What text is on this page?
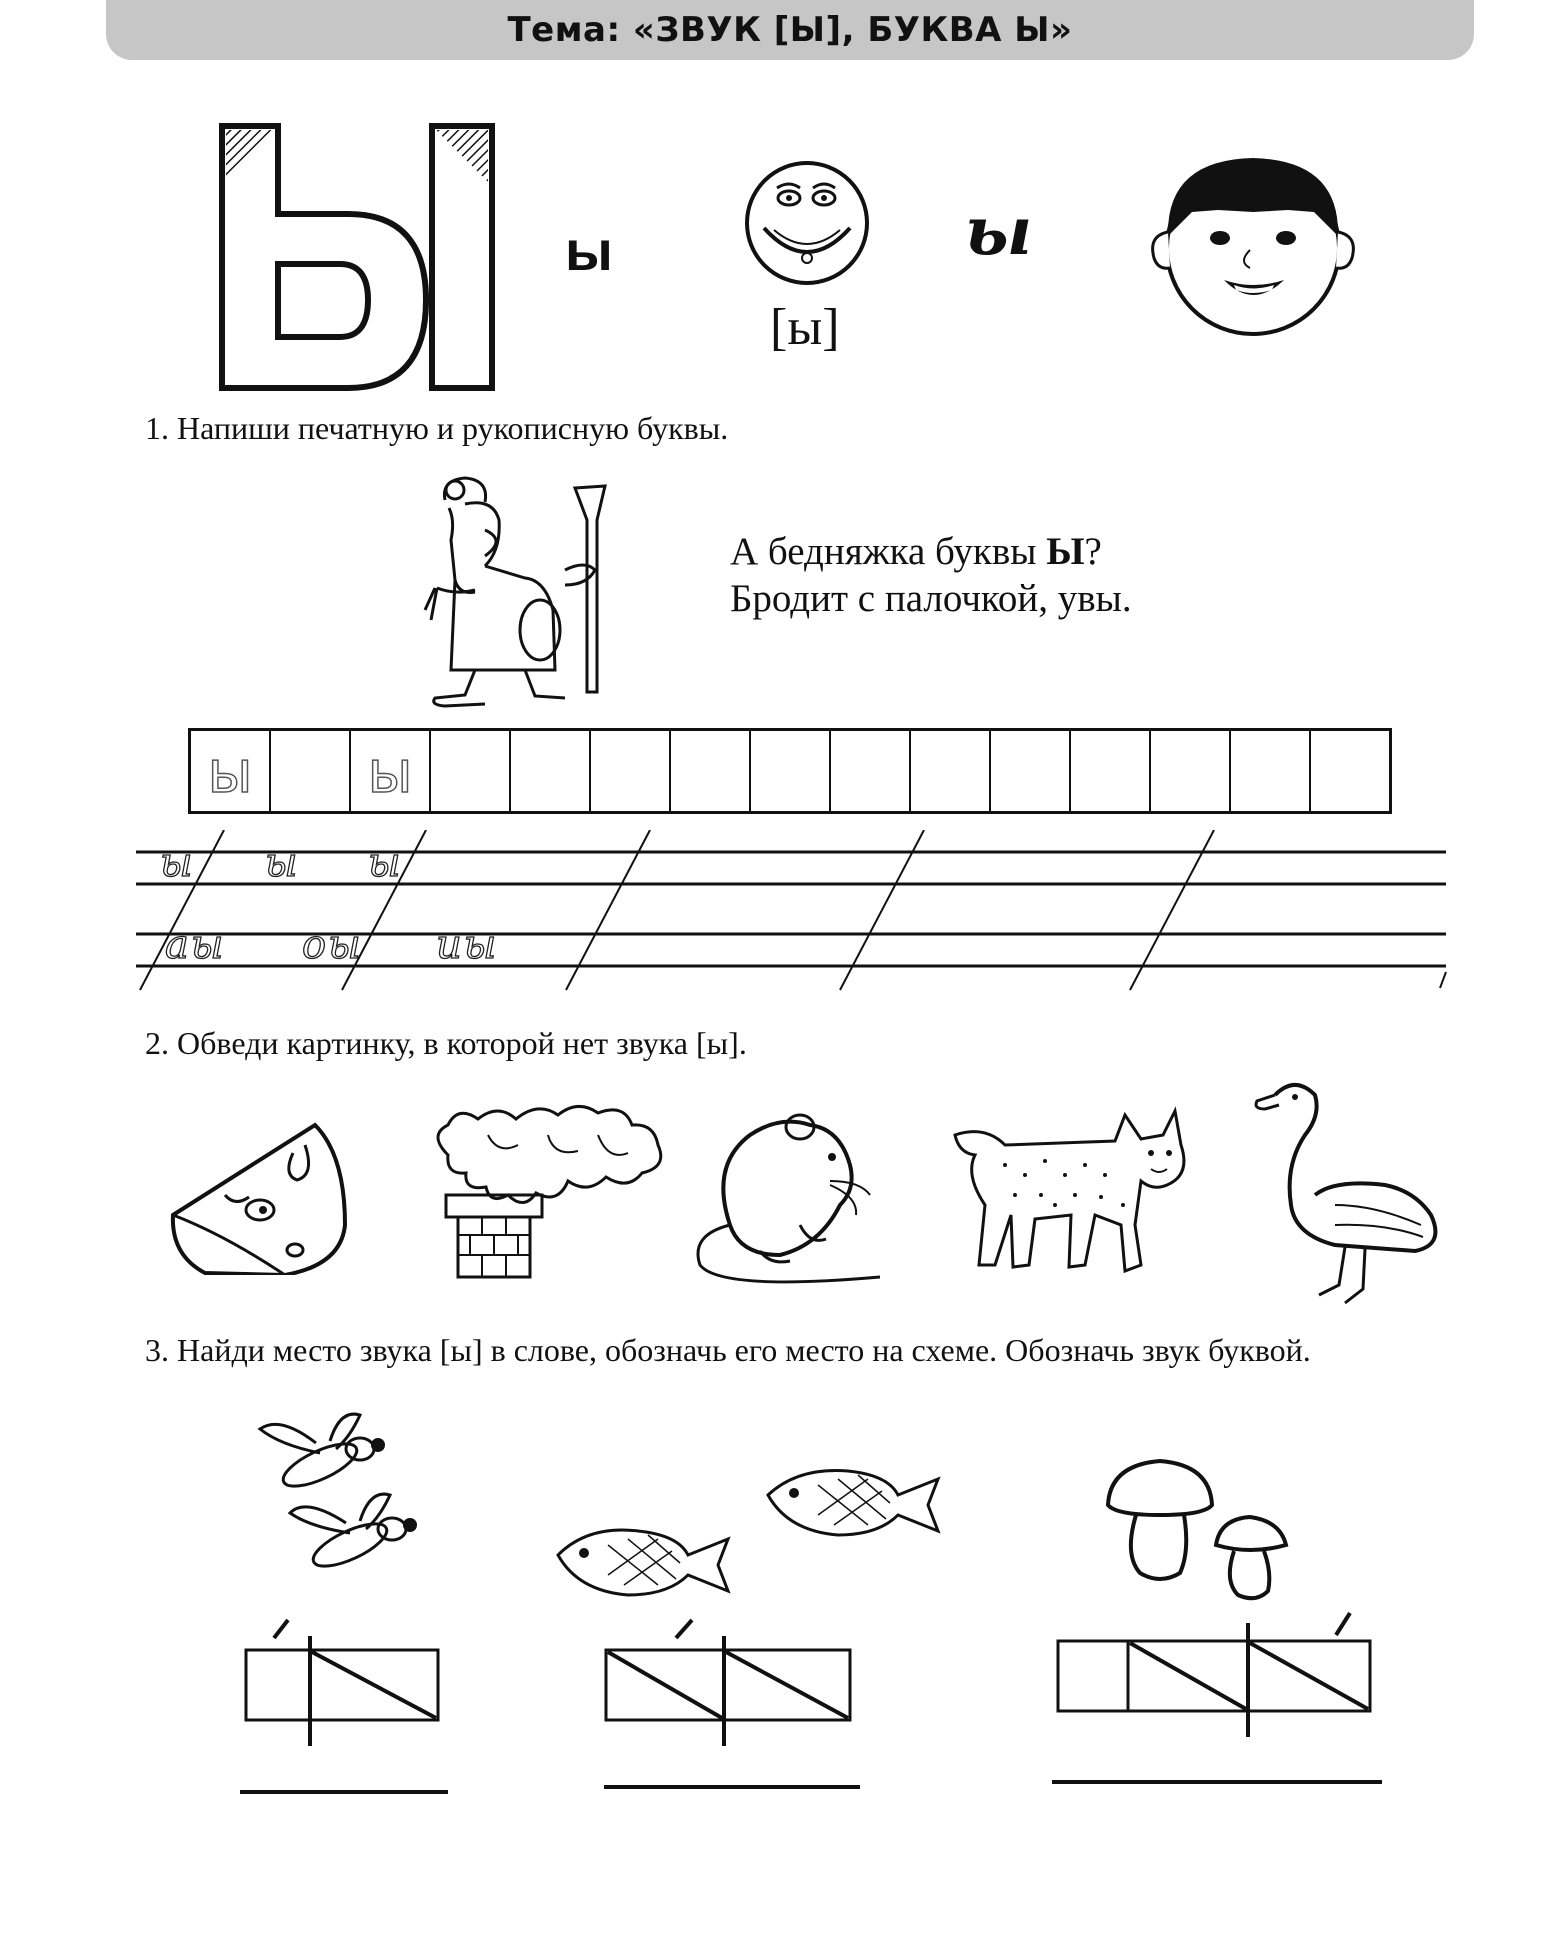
Тема: «ЗВУК [Ы], БУКВА Ы»
ы
[ы]
ы
1. Напиши печатную и рукописную буквы.
А бедняжка буквы Ы?
Бродит с палочкой, увы.
ы ы
ы ы ы
аы оы иы
2. Обведи картинку, в которой нет звука [ы].
3. Найди место звука [ы] в слове, обозначь его место на схеме. Обозначь звук буквой.
